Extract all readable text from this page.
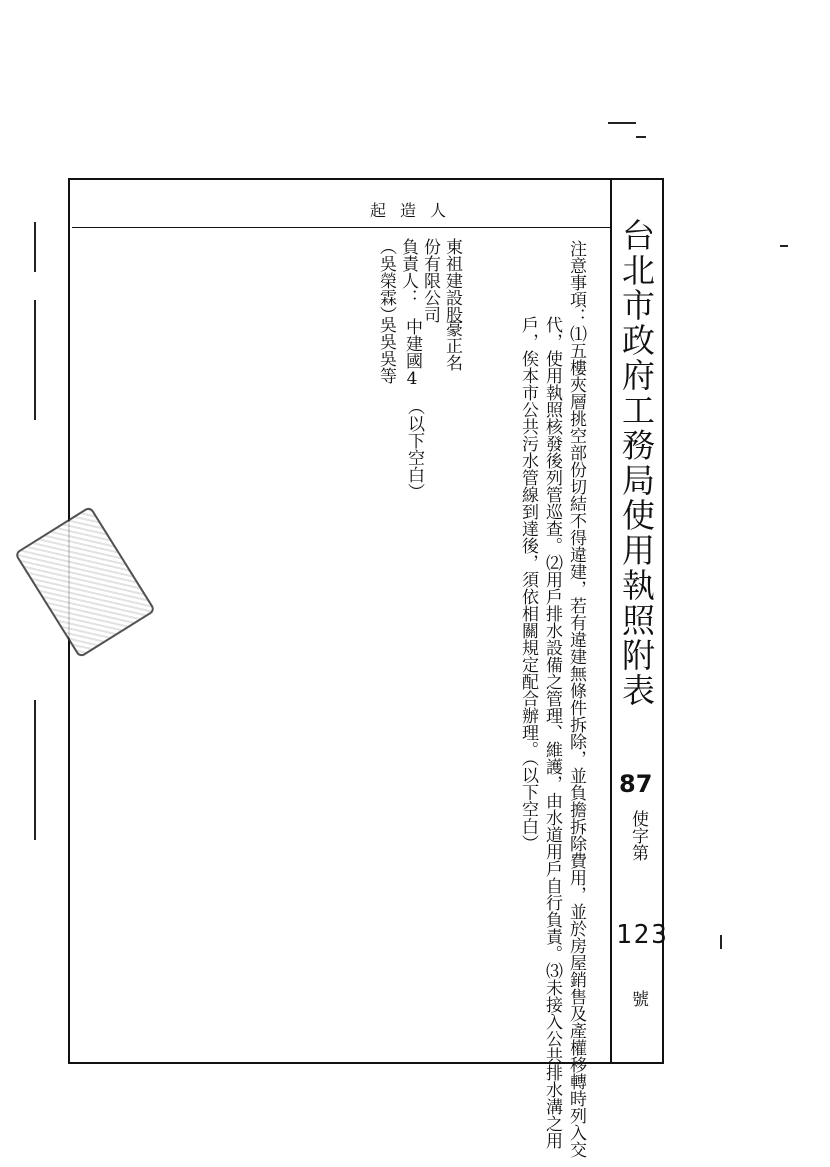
台北市政府工務局使用執照附表

起造人

東祖建設股

份有限公司

負責人：

（吳榮霖）

吳吳吳等 中建國4

（以下空白）

豪正名	注意事項：⑴五樓夾層挑空部份切結不得違建，若有違建無條件拆除，並負擔拆除費用，並於房屋銷售及產權移轉時列入交

代，使用執照核發後列管巡查。⑵用戶排水設備之管理、維護，由水道用戶自行負責。⑶未接入公共排水溝之用

戶，俟本市公共污水管線到達後，須依相關規定配合辦理。（以下空白）	87

使字第

123

號
